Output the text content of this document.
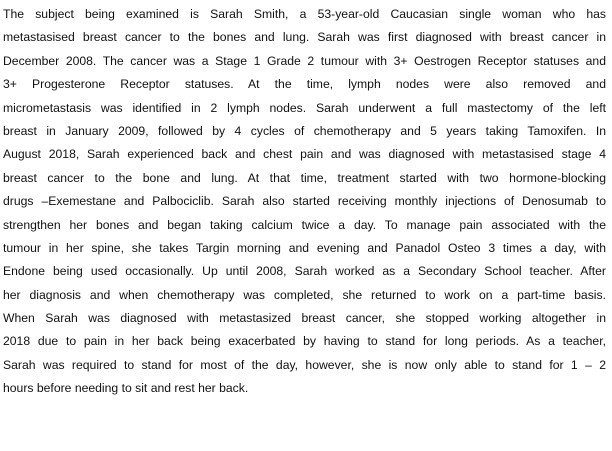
The subject being examined is Sarah Smith, a 53-year-old Caucasian single woman who has
metastasised breast cancer to the bones and lung. Sarah was first diagnosed with breast cancer in
December 2008. The cancer was a Stage 1 Grade 2 tumour with 3+ Oestrogen Receptor statuses and
3+ Progesterone Receptor statuses. At the time, lymph nodes were also removed and
micrometastasis was identified in 2 lymph nodes. Sarah underwent a full mastectomy of the left
breast in January 2009, followed by 4 cycles of chemotherapy and 5 years taking Tamoxifen. In
August 2018, Sarah experienced back and chest pain and was diagnosed with metastasised stage 4
breast cancer to the bone and lung. At that time, treatment started with two hormone-blocking
drugs –Exemestane and Palbociclib. Sarah also started receiving monthly injections of Denosumab to
strengthen her bones and began taking calcium twice a day. To manage pain associated with the
tumour in her spine, she takes Targin morning and evening and Panadol Osteo 3 times a day, with
Endone being used occasionally. Up until 2008, Sarah worked as a Secondary School teacher. After
her diagnosis and when chemotherapy was completed, she returned to work on a part-time basis.
When Sarah was diagnosed with metastasized breast cancer, she stopped working altogether in
2018 due to pain in her back being exacerbated by having to stand for long periods. As a teacher,
Sarah was required to stand for most of the day, however, she is now only able to stand for 1 – 2
hours before needing to sit and rest her back.
